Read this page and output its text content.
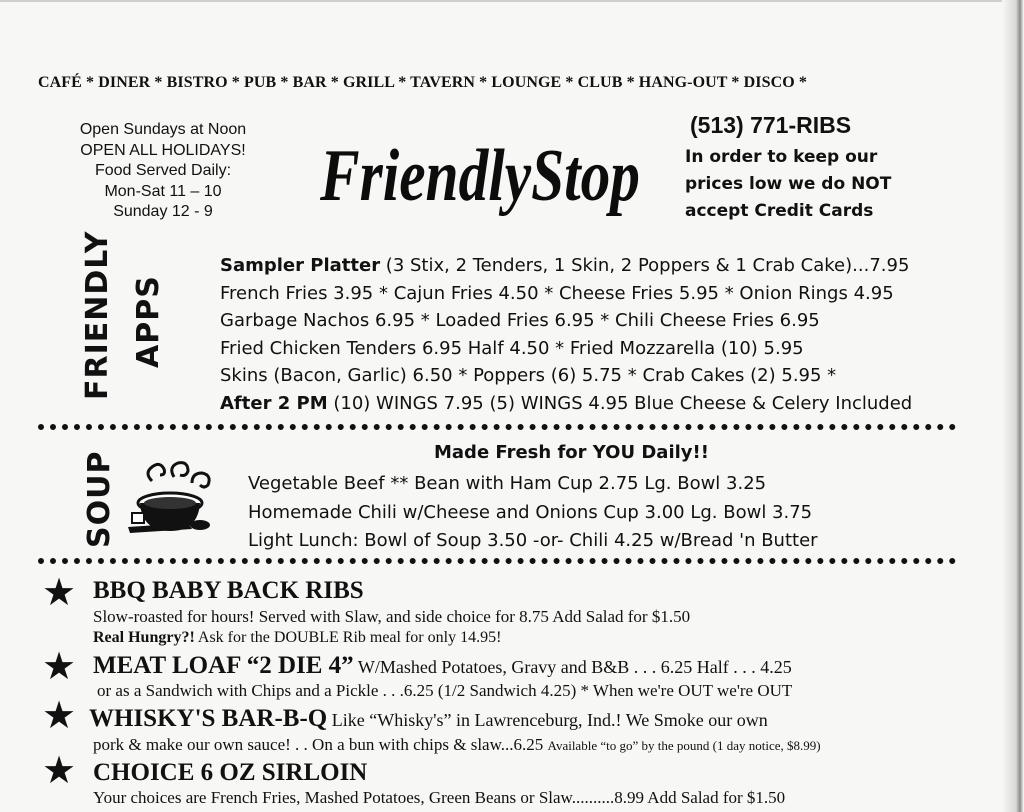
CAFÉ * DINER * BISTRO * PUB * BAR * GRILL * TAVERN * LOUNGE * CLUB * HANG-OUT * DISCO *
Open Sundays at Noon
OPEN ALL HOLIDAYS!
Food Served Daily:
Mon-Sat 11 – 10
Sunday 12 - 9	FriendlyStop
(513) 771-RIBS
In order to keep our
prices low we do NOT
accept Credit Cards
FRIENDLY APPS
Sampler Platter (3 Stix, 2 Tenders, 1 Skin, 2 Poppers & 1 Crab Cake)...7.95
French Fries 3.95 * Cajun Fries 4.50 * Cheese Fries 5.95 * Onion Rings 4.95
Garbage Nachos 6.95 * Loaded Fries 6.95 * Chili Cheese Fries 6.95
Fried Chicken Tenders 6.95 Half 4.50 * Fried Mozzarella (10) 5.95
Skins (Bacon, Garlic) 6.50 * Poppers (6) 5.75 * Crab Cakes (2) 5.95 *
After 2 PM (10) WINGS 7.95 (5) WINGS 4.95 Blue Cheese & Celery Included
SOUP	Made Fresh for YOU Daily!!
Vegetable Beef ** Bean with Ham Cup 2.75 Lg. Bowl 3.25
Homemade Chili w/Cheese and Onions Cup 3.00 Lg. Bowl 3.75
Light Lunch: Bowl of Soup 3.50 -or- Chili 4.25 w/Bread 'n Butter
★ BBQ BABY BACK RIBS
Slow-roasted for hours! Served with Slaw, and side choice for 8.75 Add Salad for $1.50
Real Hungry?! Ask for the DOUBLE Rib meal for only 14.95!
★ MEAT LOAF “2 DIE 4” W/Mashed Potatoes, Gravy and B&B . . . 6.25 Half . . . 4.25
or as a Sandwich with Chips and a Pickle . . .6.25 (1/2 Sandwich 4.25) * When we're OUT we're OUT
★ WHISKY'S BAR-B-Q Like “Whisky's” in Lawrenceburg, Ind.! We Smoke our own
pork & make our own sauce! . . On a bun with chips & slaw...6.25 Available “to go” by the pound (1 day notice, $8.99)
★ CHOICE 6 OZ SIRLOIN
Your choices are French Fries, Mashed Potatoes, Green Beans or Slaw..........8.99 Add Salad for $1.50
